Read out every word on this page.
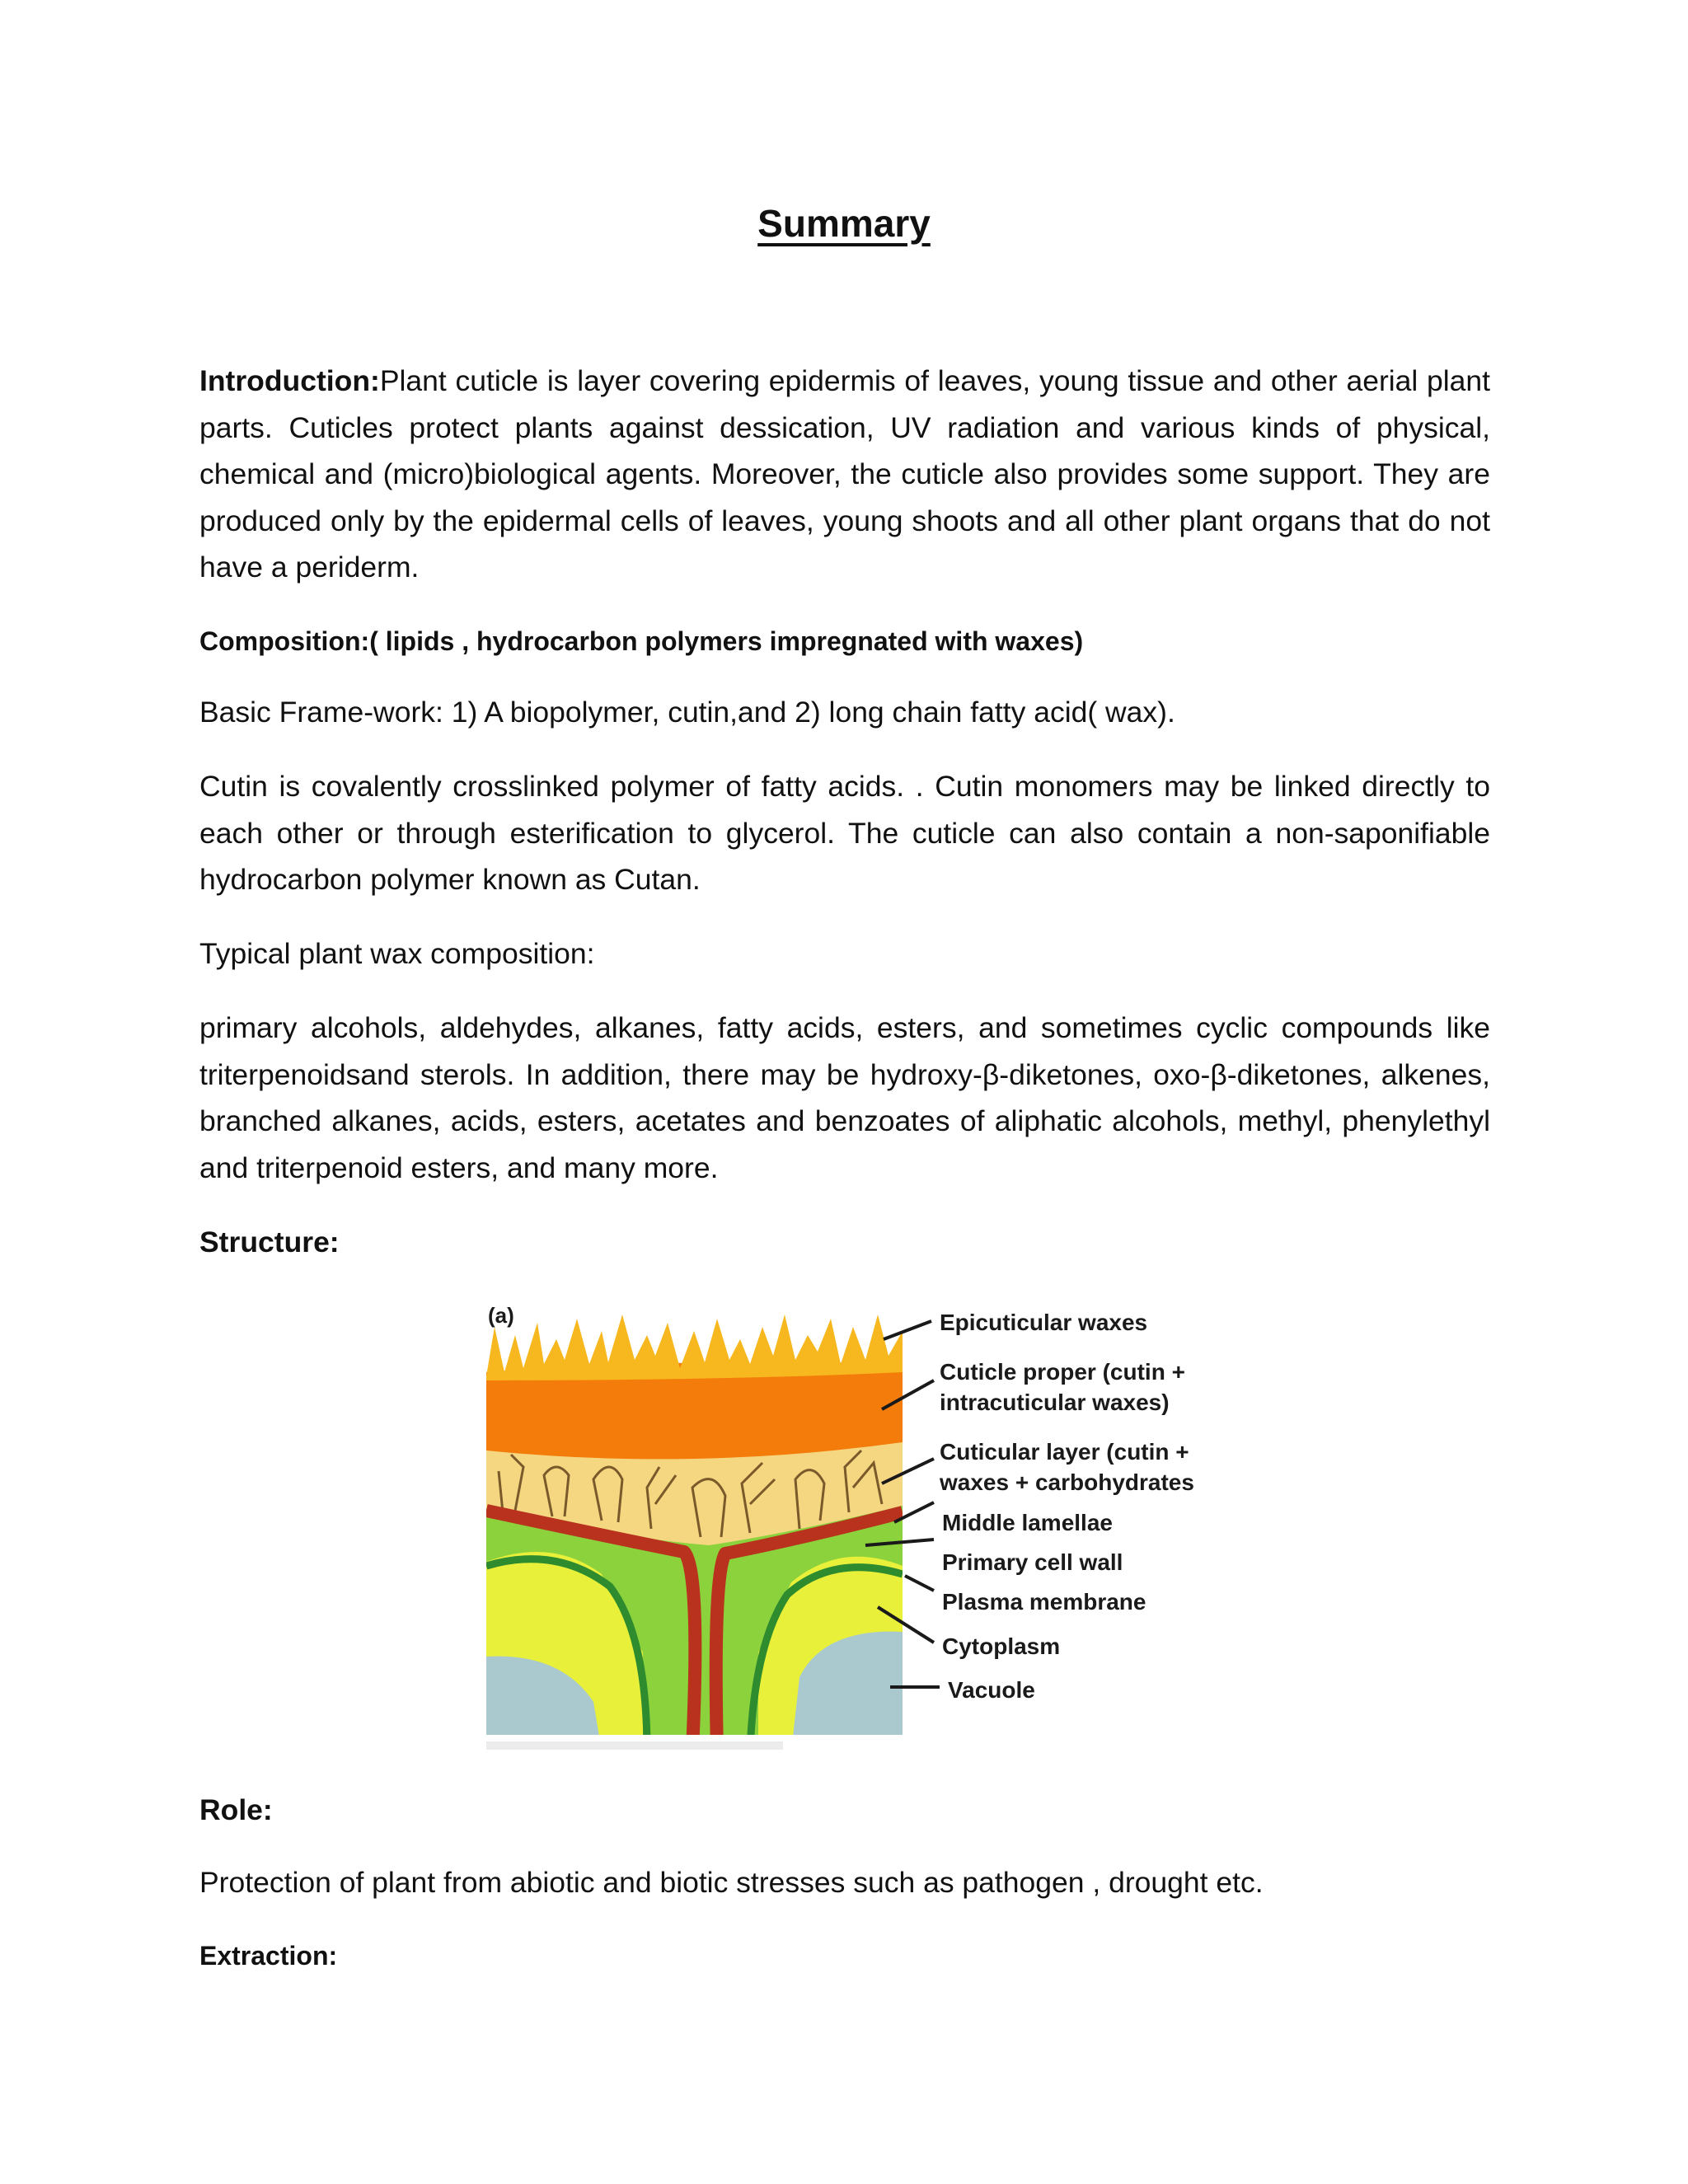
Summary
Introduction:Plant cuticle is layer covering epidermis of leaves, young tissue and other aerial plant parts. Cuticles protect plants against dessication, UV radiation and various kinds of physical, chemical and (micro)biological agents. Moreover, the cuticle also provides some support. They are produced only by the epidermal cells of leaves, young shoots and all other plant organs that do not have a periderm.
Composition:( lipids , hydrocarbon polymers impregnated with waxes)
Basic Frame-work: 1) A biopolymer, cutin,and 2) long chain fatty acid( wax).
Cutin is covalently crosslinked polymer of fatty acids. . Cutin monomers may be linked directly to each other or through esterification to glycerol. The cuticle can also contain a non-saponifiable hydrocarbon polymer known as Cutan.
Typical plant wax composition:
primary alcohols, aldehydes, alkanes, fatty acids, esters, and sometimes cyclic compounds like triterpenoidsand sterols. In addition, there may be hydroxy-β-diketones, oxo-β-diketones, alkenes, branched alkanes, acids, esters, acetates and benzoates of aliphatic alcohols, methyl, phenylethyl and triterpenoid esters, and many more.
Structure:
(a)	Epicuticular waxes
Cuticle proper (cutin +
intracuticular waxes)
Cuticular layer (cutin +
waxes + carbohydrates
Middle lamellae
Primary cell wall
Plasma membrane
Cytoplasm
Vacuole
Role:
Protection of plant from abiotic and biotic stresses such as pathogen , drought etc.
Extraction:
